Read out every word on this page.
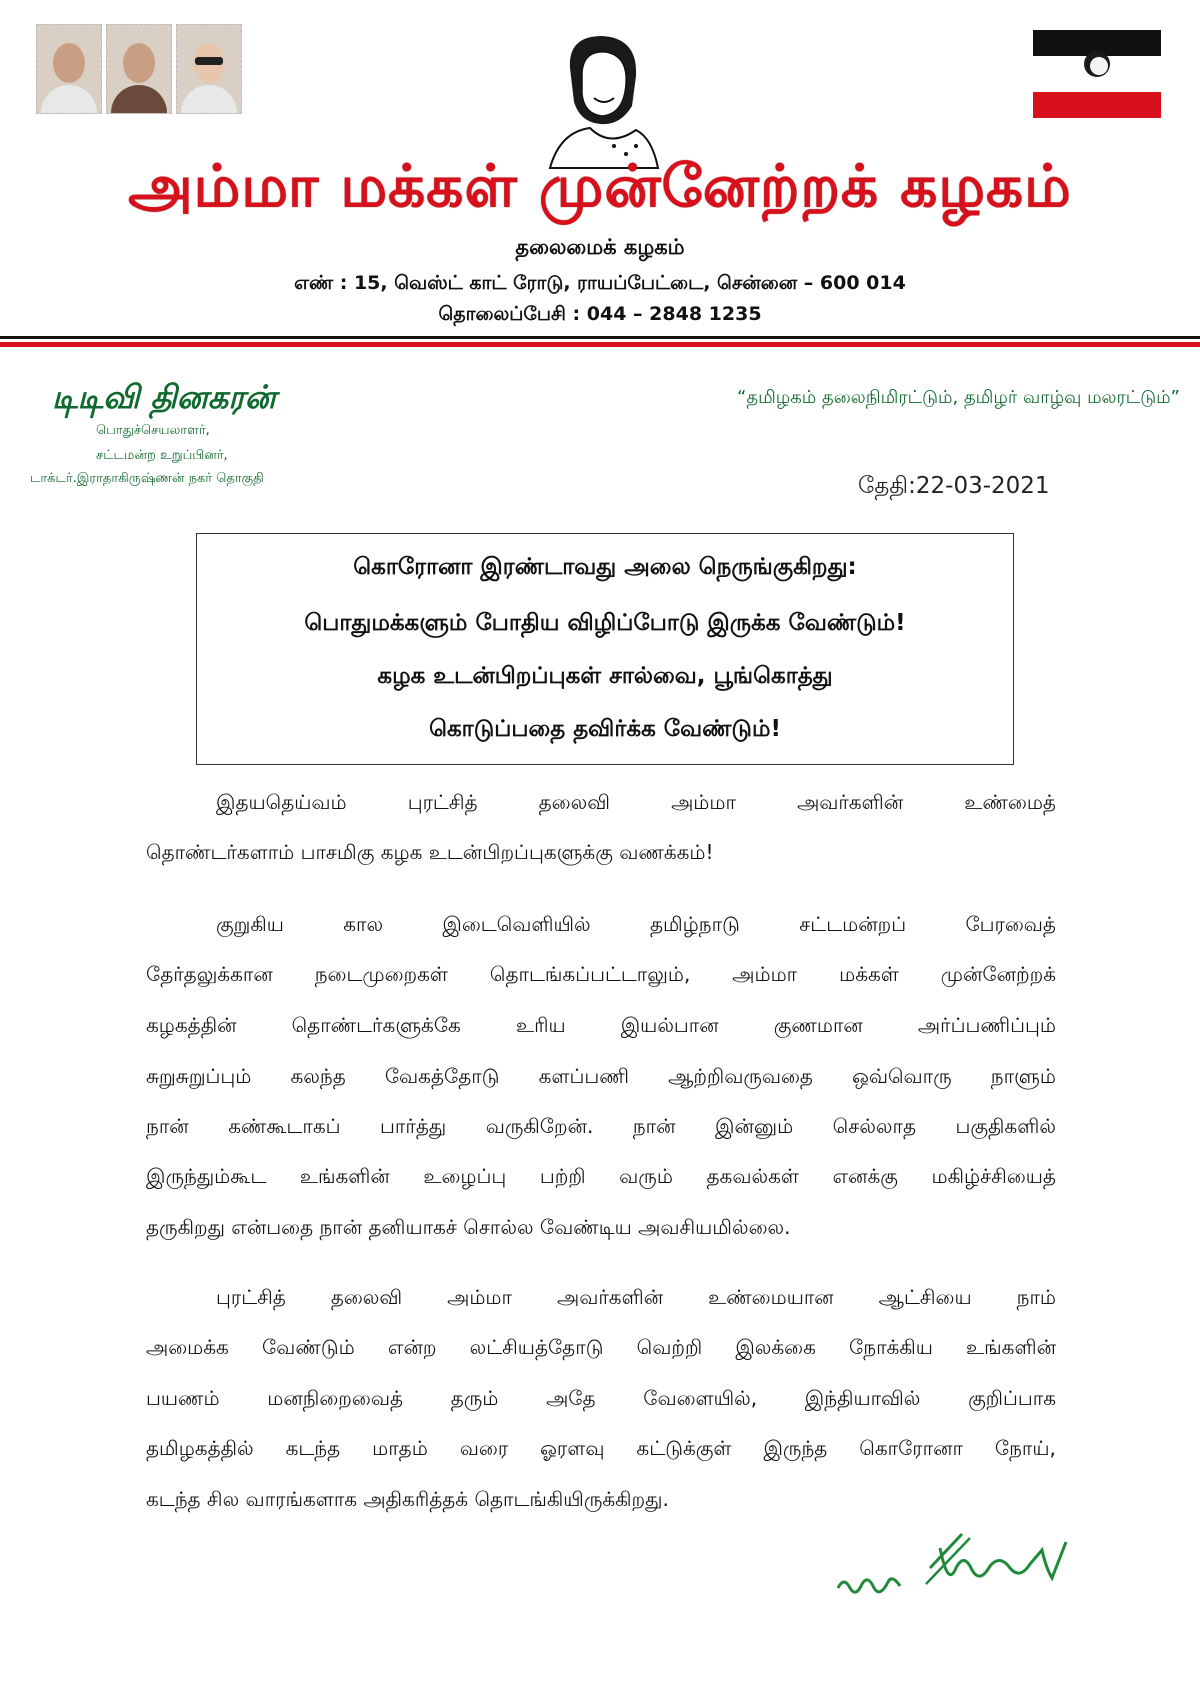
அம்மா மக்கள் முன்னேற்றக் கழகம்
தலைமைக் கழகம்
எண் : 15, வெஸ்ட் காட் ரோடு, ராயப்பேட்டை, சென்னை – 600 014
தொலைப்பேசி : 044 – 2848 1235
டிடிவி தினகரன்
பொதுச்செயலாளர்,
சட்டமன்ற உறுப்பினர்,
டாக்டர்.இராதாகிருஷ்ணன் நகர் தொகுதி
“தமிழகம் தலைநிமிரட்டும், தமிழர் வாழ்வு மலரட்டும்”
தேதி:22-03-2021
கொரோனா இரண்டாவது அலை நெருங்குகிறது:
பொதுமக்களும் போதிய விழிப்போடு இருக்க வேண்டும்!
கழக உடன்பிறப்புகள் சால்வை, பூங்கொத்து
கொடுப்பதை தவிர்க்க வேண்டும்!
இதயதெய்வம்	புரட்சித்	தலைவி	அம்மா	அவர்களின்	உண்மைத்
தொண்டர்களாம் பாசமிகு கழக உடன்பிறப்புகளுக்கு வணக்கம்!
குறுகிய	கால	இடைவெளியில்	தமிழ்நாடு	சட்டமன்றப்	பேரவைத்
தேர்தலுக்கான நடைமுறைகள் தொடங்கப்பட்டாலும், அம்மா மக்கள் முன்னேற்றக்
கழகத்தின்	தொண்டர்களுக்கே	உரிய	இயல்பான	குணமான	அர்ப்பணிப்பும்
சுறுசுறுப்பும் கலந்த வேகத்தோடு களப்பணி ஆற்றிவருவதை ஒவ்வொரு நாளும்
நான் கண்கூடாகப் பார்த்து வருகிறேன். நான் இன்னும் செல்லாத பகுதிகளில்
இருந்தும்கூட உங்களின் உழைப்பு பற்றி வரும் தகவல்கள் எனக்கு மகிழ்ச்சியைத்
தருகிறது என்பதை நான் தனியாகச் சொல்ல வேண்டிய அவசியமில்லை.
புரட்சித் தலைவி அம்மா அவர்களின் உண்மையான ஆட்சியை நாம்
அமைக்க வேண்டும் என்ற லட்சியத்தோடு வெற்றி இலக்கை நோக்கிய உங்களின்
பயணம் மனநிறைவைத் தரும் அதே வேளையில், இந்தியாவில் குறிப்பாக
தமிழகத்தில் கடந்த மாதம் வரை ஓரளவு கட்டுக்குள் இருந்த கொரோனா நோய்,
கடந்த சில வாரங்களாக அதிகரித்தக் தொடங்கியிருக்கிறது.
